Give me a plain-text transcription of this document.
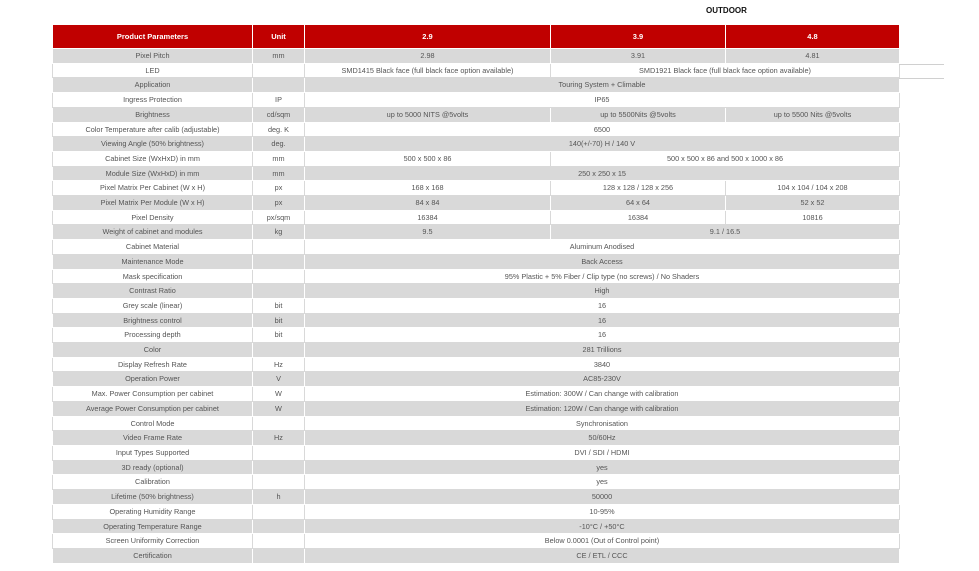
OUTDOOR
Product Parameters	Unit	2.9	3.9	4.8
Pixel Pitch	mm	2.98	3.91	4.81
LED		SMD1415 Black face (full black face option available)	SMD1921 Black face (full black face option available)	
Application		Touring System + Climable		
Ingress Protection	IP	IP65		
Brightness	cd/sqm	up to 5000 NITS @5volts	up to 5500Nits @5volts	up to 5500 Nits @5volts
Color Temperature after calib (adjustable)	deg. K	6500		
Viewing Angle (50% brightness)	deg.	140(+/-70) H / 140 V		
Cabinet Size (WxHxD) in mm	mm	500 x 500 x 86	500 x 500 x 86 and 500 x 1000 x 86	
Module Size (WxHxD) in mm	mm	250 x 250 x 15		
Pixel Matrix Per Cabinet (W x H)	px	168 x 168	128 x 128 / 128 x 256	104 x 104 / 104 x 208
Pixel Matrix Per Module (W x H)	px	84 x 84	64 x 64	52 x 52
Pixel Density	px/sqm	16384	16384	10816
Weight of cabinet and modules	kg	9.5	9.1 / 16.5	
Cabinet Material		Aluminum Anodised		
Maintenance Mode		Back Access		
Mask specification		95% Plastic + 5% Fiber / Clip type (no screws) / No Shaders		
Contrast Ratio		High		
Grey scale (linear)	bit	16		
Brightness control	bit	16		
Processing depth	bit	16		
Color		281 Trillions		
Display Refresh Rate	Hz	3840		
Operation Power	V	AC85-230V		
Max. Power Consumption per cabinet	W	Estimation: 300W / Can change with calibration		
Average Power Consumption per cabinet	W	Estimation: 120W / Can change with calibration		
Control Mode		Synchronisation		
Video Frame Rate	Hz	50/60Hz		
Input Types Supported		DVI / SDI / HDMI		
3D ready (optional)		yes		
Calibration		yes		
Lifetime (50% brightness)	h	50000		
Operating Humidity Range		10-95%		
Operating Temperature Range		-10°C / +50°C		
Screen Uniformity Correction		Below 0.0001 (Out of Control point)		
Certification		CE / ETL / CCC		
